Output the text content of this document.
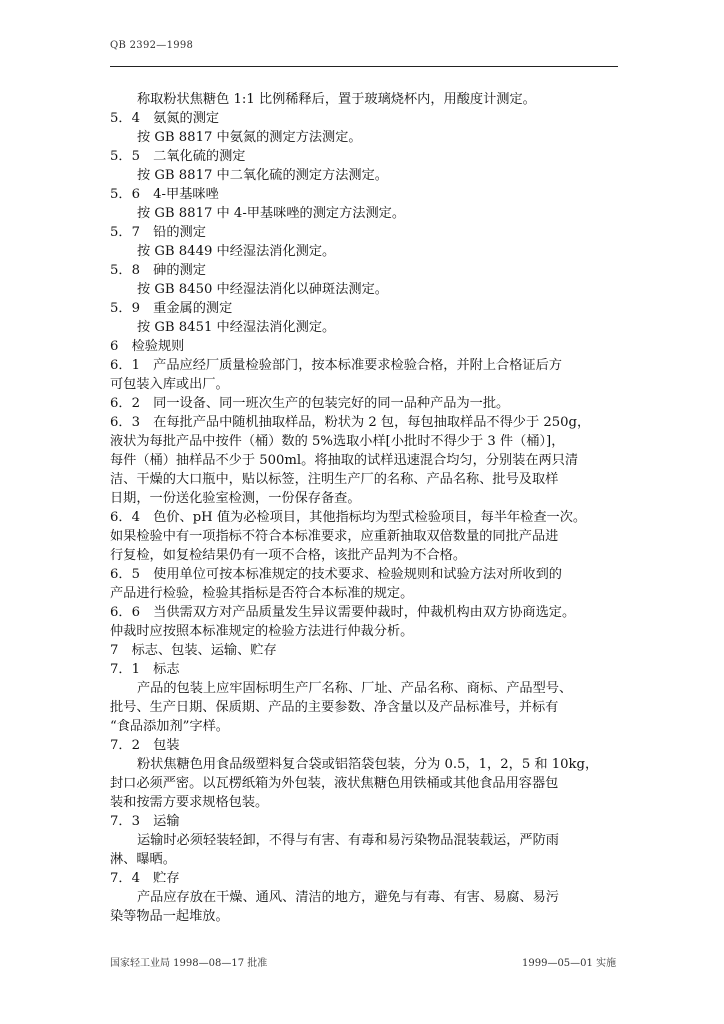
QB 2392—1998
称取粉状焦糖色 1:1 比例稀释后，置于玻璃烧杯内，用酸度计测定。
5．4　氨氮的测定
按 GB 8817 中氨氮的测定方法测定。
5．5　二氧化硫的测定
按 GB 8817 中二氧化硫的测定方法测定。
5．6　4-甲基咪唑
按 GB 8817 中 4-甲基咪唑的测定方法测定。
5．7　铅的测定
按 GB 8449 中经湿法消化测定。
5．8　砷的测定
按 GB 8450 中经湿法消化以砷斑法测定。
5．9　重金属的测定
按 GB 8451 中经湿法消化测定。
6　检验规则
6．1　产品应经厂质量检验部门，按本标准要求检验合格，并附上合格证后方
可包装入库或出厂。
6．2　同一设备、同一班次生产的包装完好的同一品种产品为一批。
6．3　在每批产品中随机抽取样品，粉状为 2 包，每包抽取样品不得少于 250g，
液状为每批产品中按件（桶）数的 5%选取小样[小批时不得少于 3 件（桶）]，
每件（桶）抽样品不少于 500ml。将抽取的试样迅速混合均匀，分别装在两只清
洁、干燥的大口瓶中，贴以标签，注明生产厂的名称、产品名称、批号及取样
日期，一份送化验室检测，一份保存备查。
6．4　色价、pH 值为必检项目，其他指标均为型式检验项目，每半年检查一次。
如果检验中有一项指标不符合本标准要求，应重新抽取双倍数量的同批产品进
行复检，如复检结果仍有一项不合格，该批产品判为不合格。
6．5　使用单位可按本标准规定的技术要求、检验规则和试验方法对所收到的
产品进行检验，检验其指标是否符合本标准的规定。
6．6　当供需双方对产品质量发生异议需要仲裁时，仲裁机构由双方协商选定。
仲裁时应按照本标准规定的检验方法进行仲裁分析。
7　标志、包装、运输、贮存
7．1　标志
产品的包装上应牢固标明生产厂名称、厂址、产品名称、商标、产品型号、
批号、生产日期、保质期、产品的主要参数、净含量以及产品标准号，并标有
“食品添加剂”字样。
7．2　包装
粉状焦糖色用食品级塑料复合袋或铝箔袋包装，分为 0.5，1，2，5 和 10kg，
封口必须严密。以瓦楞纸箱为外包装，液状焦糖色用铁桶或其他食品用容器包
装和按需方要求规格包装。
7．3　运输
运输时必须轻装轻卸，不得与有害、有毒和易污染物品混装载运，严防雨
淋、曝晒。
7．4　贮存
产品应存放在干燥、通风、清洁的地方，避免与有毒、有害、易腐、易污
染等物品一起堆放。
国家轻工业局 1998—08—17 批准	1999—05—01 实施
